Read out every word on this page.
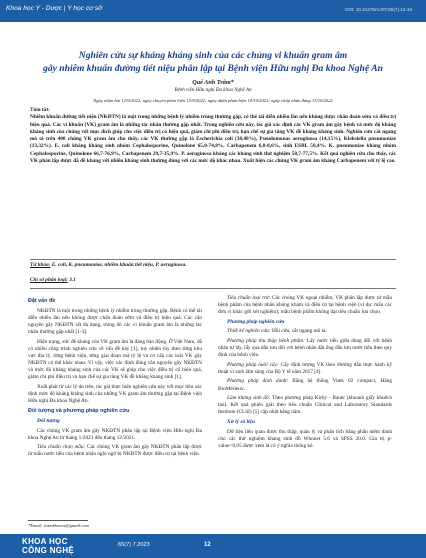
Khoa học Y - Dược | Y học cơ sở	DOI: 10.31276/VJST.65(7).12-16
Nghiên cứu sự kháng kháng sinh của các chủng vi khuẩn gram âm
gây nhiễm khuẩn đường tiết niệu phân lập tại Bệnh viện Hữu nghị Đa khoa Nghệ An
Quế Anh Trâm*
Bệnh viện Hữu nghị Đa khoa Nghệ An
Ngày nhận bài 12/9/2022; ngày chuyển phản biện 15/9/2022; ngày nhận phản biện 10/10/2022; ngày chấp nhận đăng 13/10/2022

Tóm tắt:

Nhiễm khuẩn đường tiết niệu (NKĐTN) là một trong những bệnh lý nhiễm trùng thường gặp, có thể tái diễn nhiều lần nếu không được chẩn đoán sớm và điều trị hiệu quả. Các vi khuẩn (VK) gram âm là những tác nhân thường gặp nhất. Trong nghiên cứu này, tác giả xác định các VK gram âm gây bệnh và mức độ kháng kháng sinh của chúng với mục đích giúp cho việc điều trị có hiệu quả, giảm chi phí điều trị, hạn chế sự gia tăng VK đề kháng kháng sinh. Nghiên cứu cắt ngang mô tả trên 400 chủng VK gram âm cho thấy, các VK thường gặp là Escherichia coli (38,48%), Pseudomonas aeruginosa (14,15%), Klebsiella pneumoniae (13,32%). E. coli kháng kháng sinh nhóm Cephalosporine, Quinolone 65,0-74,8%, Carbapenem 6,8-8,6%, sinh ESBL 58,4%. K. pneumoniae kháng nhóm Cephalosporine, Quinolone 66,7-76,9%, Carbapenem 29,7-35,9%. P. aeruginosa kháng các kháng sinh thử nghiệm 58,7-77,5%. Kết quả nghiên cứu cho thấy, các VK phân lập được đã đề kháng với nhiều kháng sinh thường dùng với các mức độ khác nhau. Xuất hiện các chủng VK gram âm kháng Carbapenem với tỷ lệ cao.

Từ khóa: E. coli, K. pneumoniae, nhiễm khuẩn tiết niệu, P. aeruginosa.
Chỉ số phân loại: 3.1
Đặt vấn đề

NKĐTN là một trong những bệnh lý nhiễm trùng thường gặp. Bệnh có thể tái diễn nhiều lần nếu không được chẩn đoán sớm và điều trị hiệu quả. Các căn nguyên gây NKĐTN rất đa dạng, trong đó các vi khuẩn gram âm là những tác nhân thường gặp nhất [1-3].

Hiện trạng, sức đề kháng của VK gram âm là đáng báo động. Ở Việt Nam, đã có nhiều công trình nghiên cứu về vấn đề này [1], tuy nhiên tùy theo từng khu vực địa lý, từng bệnh viện, từng giai đoạn mà tỷ lệ và cơ cấu các loài VK gây NKĐTN có thể khác nhau. Vì vậy, việc xác định đúng căn nguyên gây NKĐTN và mức độ kháng kháng sinh của các VK sẽ giúp cho việc điều trị có hiệu quả, giảm chi phí điều trị và hạn chế sự gia tăng VK đề kháng kháng sinh [1].

Xuất phát từ các lý do trên, tác giả thực hiện nghiên cứu này với mục tiêu xác định mức độ kháng kháng sinh của những VK gram âm thường gặp tại Bệnh viện Hữu nghị Đa khoa Nghệ An.

Đối tượng và phương pháp nghiên cứu
Đối tượng

Các chủng VK gram âm gây NKĐTN phân lập tại Bệnh viện Hữu nghị Đa khoa Nghệ An từ tháng 1/2021 đến tháng 12/2021.

Tiêu chuẩn chọn mẫu: Các chủng VK gram âm gây NKĐTN phân lập được từ mẫu nước tiểu của bệnh nhân nghi ngờ bị NKĐTN được điều trị tại bệnh viện.

Tiêu chuẩn loại trừ: Các chủng VK ngoại nhiễm, VK phân lập được từ mẫu bệnh phẩm của bệnh nhân không khám và điều trị tại bệnh viện (ví dụ: mẫu các đơn vị khác gửi xét nghiệm); mẫu bệnh phẩm không đạt tiêu chuẩn lựa chọn.

Phương pháp nghiên cứu

Thiết kế nghiên cứu: Hồi cứu, cắt ngang mô tả.

Phương pháp thu thập bệnh phẩm: Lấy nước tiểu giữa dòng đối với bệnh nhân tự lấy, lấy qua dẫn lưu đối với bệnh nhân đặt ống dẫn lưu nước tiểu theo quy định của bệnh viện.

Phương pháp nuôi cấy: Cấy định lượng VK theo Hướng dẫn thực hành kỹ thuật vi sinh lâm sàng của Bộ Y tế năm 2017 [4].

Phương pháp định danh: Bằng hệ thống Vitek 02 compact, Hãng BioMérieux.

Làm kháng sinh đồ: Theo phương pháp Kirby - Bauer (khoanh giấy khuếch tán). Kết quả phiên giải theo tiêu chuẩn Clinical and Laboratory Standards Institute (CLSI) [5] cập nhật hằng năm.

Xử lý số liệu

Dữ liệu liên quan được thu thập, quản lý và phân tích bằng phần mềm dành cho các thử nghiệm kháng sinh đồ Whonet 5.6 và SPSS 20.0. Giá trị p-value<0,05 được xem là có ý nghĩa thống kê.

*Email: tramkhoavs@gmail.com
KHOA HỌC
CÔNG NGHỆ
65(7) 7.2023	12
